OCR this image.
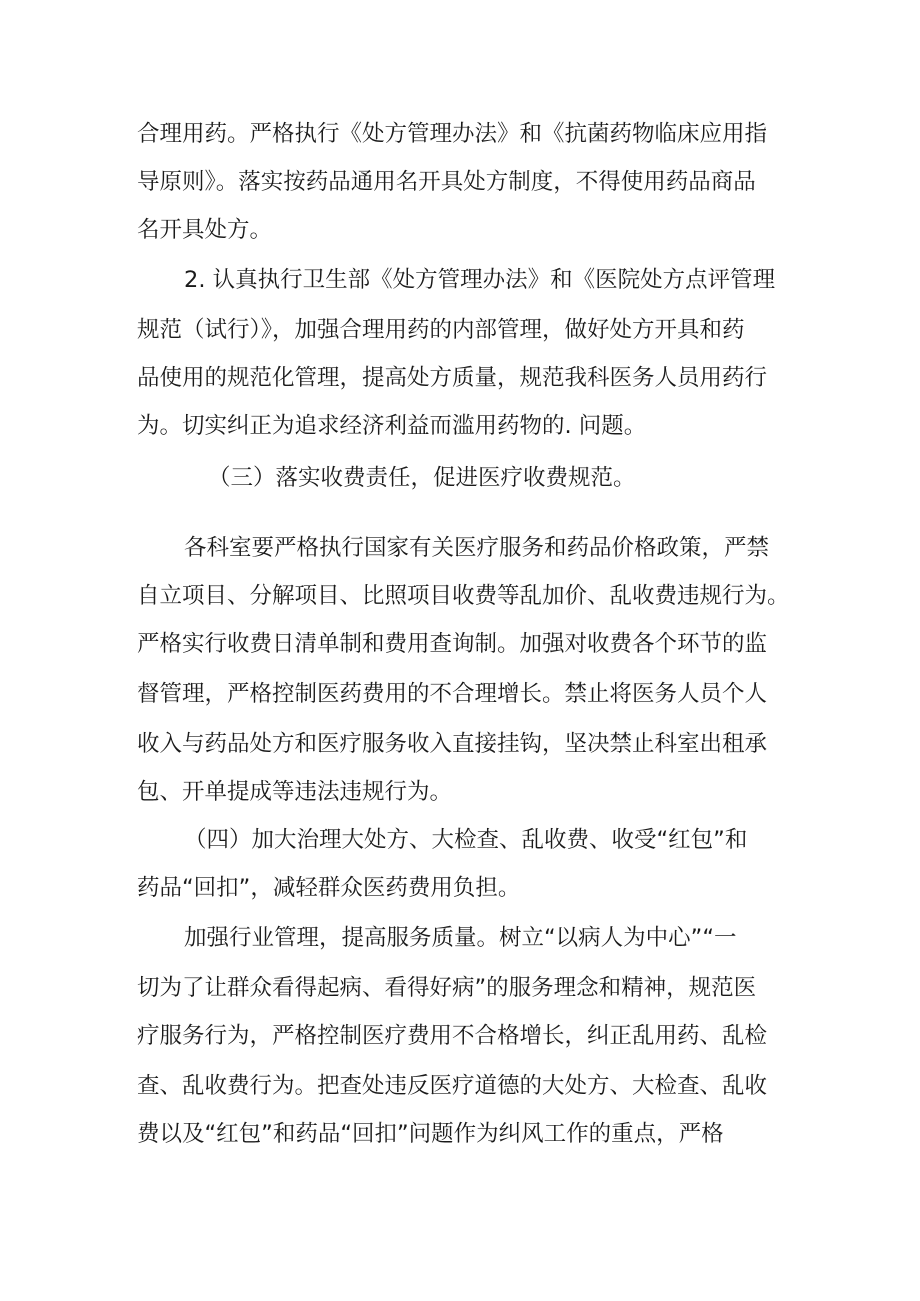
合理用药。严格执行《处方管理办法》和《抗菌药物临床应用指
导原则》。落实按药品通用名开具处方制度，不得使用药品商品
名开具处方。
2. 认真执行卫生部《处方管理办法》和《医院处方点评管理
规范（试行）》，加强合理用药的内部管理，做好处方开具和药
品使用的规范化管理，提高处方质量，规范我科医务人员用药行
为。切实纠正为追求经济利益而滥用药物的. 问题。
（三）落实收费责任，促进医疗收费规范。
各科室要严格执行国家有关医疗服务和药品价格政策，严禁
自立项目、分解项目、比照项目收费等乱加价、乱收费违规行为。
严格实行收费日清单制和费用查询制。加强对收费各个环节的监
督管理，严格控制医药费用的不合理增长。禁止将医务人员个人
收入与药品处方和医疗服务收入直接挂钩，坚决禁止科室出租承
包、开单提成等违法违规行为。
（四）加大治理大处方、大检查、乱收费、收受“红包”和
药品“回扣”，减轻群众医药费用负担。
加强行业管理，提高服务质量。树立“以病人为中心”“一
切为了让群众看得起病、看得好病”的服务理念和精神，规范医
疗服务行为，严格控制医疗费用不合格增长，纠正乱用药、乱检
查、乱收费行为。把查处违反医疗道德的大处方、大检查、乱收
费以及“红包”和药品“回扣”问题作为纠风工作的重点，严格
